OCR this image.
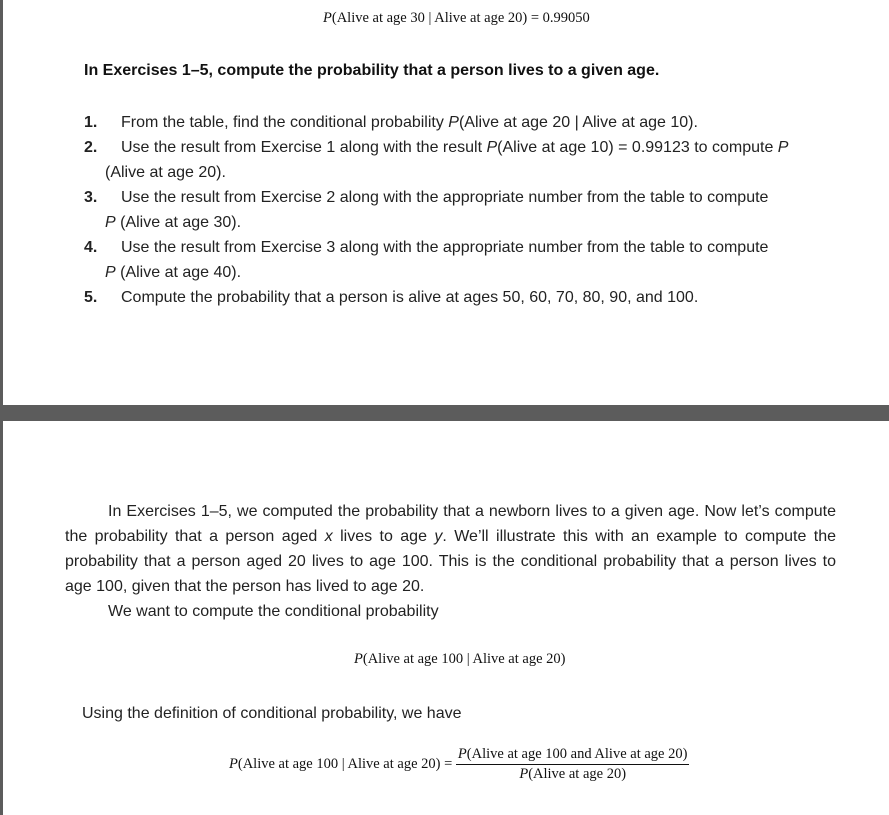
P(Alive at age 30 | Alive at age 20) = 0.99050
In Exercises 1–5, compute the probability that a person lives to a given age.
1. From the table, find the conditional probability P(Alive at age 20 | Alive at age 10).
2. Use the result from Exercise 1 along with the result P(Alive at age 10) = 0.99123 to compute P
(Alive at age 20).
3. Use the result from Exercise 2 along with the appropriate number from the table to compute
P (Alive at age 30).
4. Use the result from Exercise 3 along with the appropriate number from the table to compute
P (Alive at age 40).
5. Compute the probability that a person is alive at ages 50, 60, 70, 80, 90, and 100.

In Exercises 1–5, we computed the probability that a newborn lives to a given age. Now let’s compute the probability that a person aged x lives to age y. We’ll illustrate this with an example to compute the probability that a person aged 20 lives to age 100. This is the conditional probability that a person lives to age 100, given that the person has lived to age 20.

We want to compute the conditional probability
P(Alive at age 100 | Alive at age 20)
Using the definition of conditional probability, we have
P(Alive at age 100 | Alive at age $20) = \frac{\text{P(Alive at age 100 and Alive at age 20)}}{\text{P(Alive at age 20)}}$
